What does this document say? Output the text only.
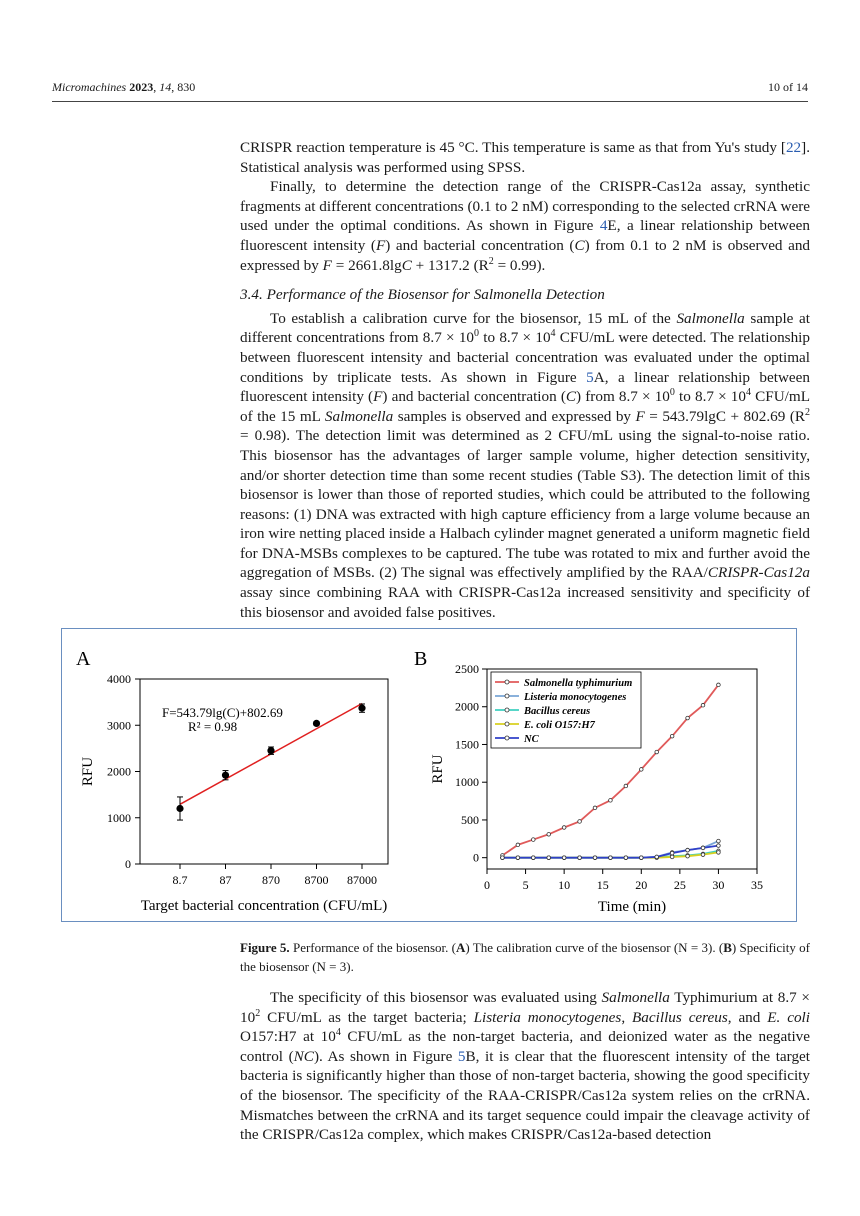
Micromachines 2023, 14, 830	10 of 14

CRISPR reaction temperature is 45 °C. This temperature is same as that from Yu's study [22]. Statistical analysis was performed using SPSS.

Finally, to determine the detection range of the CRISPR-Cas12a assay, synthetic fragments at different concentrations (0.1 to 2 nM) corresponding to the selected crRNA were used under the optimal conditions. As shown in Figure 4E, a linear relationship between fluorescent intensity (F) and bacterial concentration (C) from 0.1 to 2 nM is observed and expressed by F = 2661.8lgC + 1317.2 $(R^2 = 0.99)$.

3.4. Performance of the Biosensor for Salmonella Detection

To establish a calibration curve for the biosensor, 15 mL of the Salmonella sample at different concentrations from $8.7 \times 10^0$ to $8.7 \times 10^4$ CFU/mL were detected. The relationship between fluorescent intensity and bacterial concentration was evaluated under the optimal conditions by triplicate tests. As shown in Figure 5A, a linear relationship between fluorescent intensity (F) and bacterial concentration (C) from $8.7 \times 10^0$ to $8.7 \times 10^4$ CFU/mL of the 15 mL Salmonella samples is observed and expressed by F = 543.79lgC + 802.69 $(R^2 = 0.98)$. The detection limit was determined as 2 CFU/mL using the signal-to-noise ratio. This biosensor has the advantages of larger sample volume, higher detection sensitivity, and/or shorter detection time than some recent studies (Table S3). The detection limit of this biosensor is lower than those of reported studies, which could be attributed to the following reasons: (1) DNA was extracted with high capture efficiency from a large volume because an iron wire netting placed inside a Halbach cylinder magnet generated a uniform magnetic field for DNA-MSBs complexes to be captured. The tube was rotated to mix and further avoid the aggregation of MSBs. (2) The signal was effectively amplified by the RAA/CRISPR-Cas12a assay since combining RAA with CRISPR-Cas12a increased sensitivity and specificity of this biosensor and avoided false positives.

A
0
1000
2000
3000
4000
8.7	87	870 8700 87000
F=543.79lg(C)+802.69
R² = 0.98
Target bacterial concentration (CFU/mL)
RFU
B
0
500
1000
1500
2000
2500
0	5 10 15 20 25 30 35
Salmonella typhimurium
Listeria monocytogenes
Bacillus cereus
E. coli O157:H7
NC
Time (min)
RFU
Figure 5. Performance of the biosensor. (A) The calibration curve of the biosensor (N = 3). (B) Specificity of the biosensor (N = 3).

The specificity of this biosensor was evaluated using Salmonella Typhimurium at $8.7 \times 10^2$ CFU/mL as the target bacteria; Listeria monocytogenes, Bacillus cereus, and E. coli O157:H7 at $10^4$ CFU/mL as the non-target bacteria, and deionized water as the negative control (NC). As shown in Figure 5B, it is clear that the fluorescent intensity of the target bacteria is significantly higher than those of non-target bacteria, showing the good specificity of the biosensor. The specificity of the RAA-CRISPR/Cas12a system relies on the crRNA. Mismatches between the crRNA and its target sequence could impair the cleavage activity of the CRISPR/Cas12a complex, which makes CRISPR/Cas12a-based detection
